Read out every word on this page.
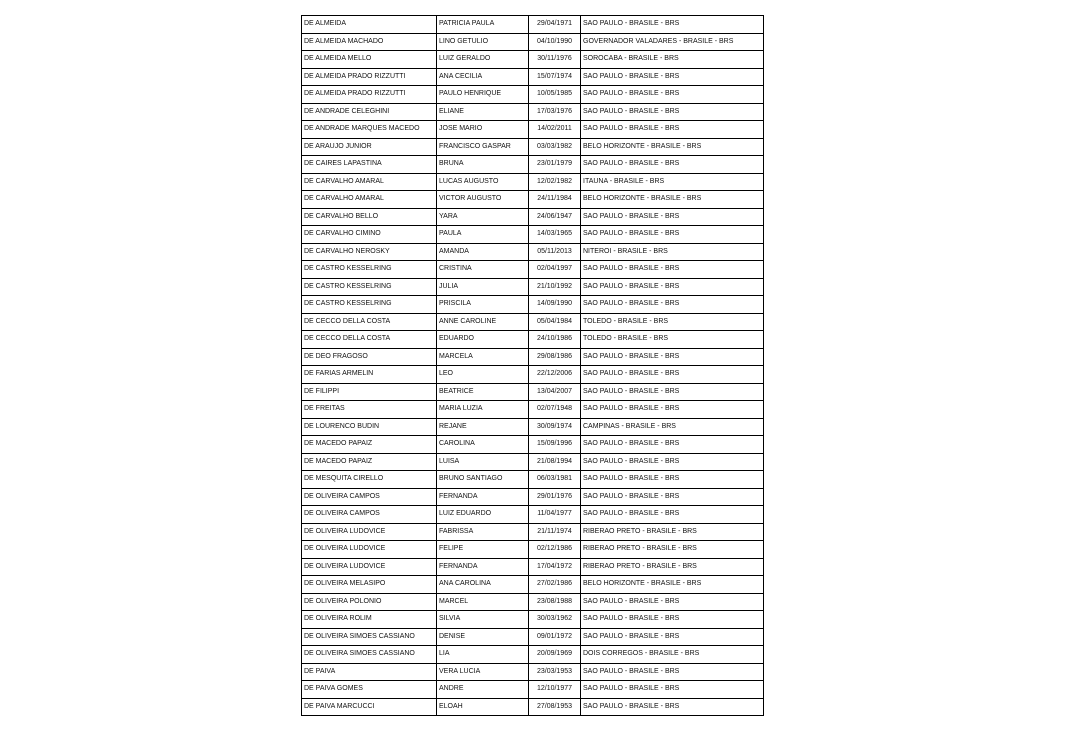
DE ALMEIDA	PATRICIA PAULA	29/04/1971	SAO PAULO - BRASILE - BRS
DE ALMEIDA MACHADO	LINO GETULIO	04/10/1990	GOVERNADOR VALADARES - BRASILE - BRS
DE ALMEIDA MELLO	LUIZ GERALDO	30/11/1976	SOROCABA - BRASILE - BRS
DE ALMEIDA PRADO RIZZUTTI	ANA CECILIA	15/07/1974	SAO PAULO - BRASILE - BRS
DE ALMEIDA PRADO RIZZUTTI	PAULO HENRIQUE	10/05/1985	SAO PAULO - BRASILE - BRS
DE ANDRADE CELEGHINI	ELIANE	17/03/1976	SAO PAULO - BRASILE - BRS
DE ANDRADE MARQUES MACEDO	JOSE MARIO	14/02/2011	SAO PAULO - BRASILE - BRS
DE ARAUJO JUNIOR	FRANCISCO GASPAR	03/03/1982	BELO HORIZONTE - BRASILE - BRS
DE CAIRES LAPASTINA	BRUNA	23/01/1979	SAO PAULO - BRASILE - BRS
DE CARVALHO AMARAL	LUCAS AUGUSTO	12/02/1982	ITAUNA - BRASILE - BRS
DE CARVALHO AMARAL	VICTOR AUGUSTO	24/11/1984	BELO HORIZONTE - BRASILE - BRS
DE CARVALHO BELLO	YARA	24/06/1947	SAO PAULO - BRASILE - BRS
DE CARVALHO CIMINO	PAULA	14/03/1965	SAO PAULO - BRASILE - BRS
DE CARVALHO NEROSKY	AMANDA	05/11/2013	NITEROI - BRASILE - BRS
DE CASTRO KESSELRING	CRISTINA	02/04/1997	SAO PAULO - BRASILE - BRS
DE CASTRO KESSELRING	JULIA	21/10/1992	SAO PAULO - BRASILE - BRS
DE CASTRO KESSELRING	PRISCILA	14/09/1990	SAO PAULO - BRASILE - BRS
DE CECCO DELLA COSTA	ANNE CAROLINE	05/04/1984	TOLEDO - BRASILE - BRS
DE CECCO DELLA COSTA	EDUARDO	24/10/1986	TOLEDO - BRASILE - BRS
DE DEO FRAGOSO	MARCELA	29/08/1986	SAO PAULO - BRASILE - BRS
DE FARIAS ARMELIN	LEO	22/12/2006	SAO PAULO - BRASILE - BRS
DE FILIPPI	BEATRICE	13/04/2007	SAO PAULO - BRASILE - BRS
DE FREITAS	MARIA LUZIA	02/07/1948	SAO PAULO - BRASILE - BRS
DE LOURENCO BUDIN	REJANE	30/09/1974	CAMPINAS - BRASILE - BRS
DE MACEDO PAPAIZ	CAROLINA	15/09/1996	SAO PAULO - BRASILE - BRS
DE MACEDO PAPAIZ	LUISA	21/08/1994	SAO PAULO - BRASILE - BRS
DE MESQUITA CIRELLO	BRUNO SANTIAGO	06/03/1981	SAO PAULO - BRASILE - BRS
DE OLIVEIRA CAMPOS	FERNANDA	29/01/1976	SAO PAULO - BRASILE - BRS
DE OLIVEIRA CAMPOS	LUIZ EDUARDO	11/04/1977	SAO PAULO - BRASILE - BRS
DE OLIVEIRA LUDOVICE	FABRISSA	21/11/1974	RIBERAO PRETO - BRASILE - BRS
DE OLIVEIRA LUDOVICE	FELIPE	02/12/1986	RIBERAO PRETO - BRASILE - BRS
DE OLIVEIRA LUDOVICE	FERNANDA	17/04/1972	RIBERAO PRETO - BRASILE - BRS
DE OLIVEIRA MELASIPO	ANA CAROLINA	27/02/1986	BELO HORIZONTE - BRASILE - BRS
DE OLIVEIRA POLONIO	MARCEL	23/08/1988	SAO PAULO - BRASILE - BRS
DE OLIVEIRA ROLIM	SILVIA	30/03/1962	SAO PAULO - BRASILE - BRS
DE OLIVEIRA SIMOES CASSIANO	DENISE	09/01/1972	SAO PAULO - BRASILE - BRS
DE OLIVEIRA SIMOES CASSIANO	LIA	20/09/1969	DOIS CORREGOS - BRASILE - BRS
DE PAIVA	VERA LUCIA	23/03/1953	SAO PAULO - BRASILE - BRS
DE PAIVA GOMES	ANDRE	12/10/1977	SAO PAULO - BRASILE - BRS
DE PAIVA MARCUCCI	ELOAH	27/08/1953	SAO PAULO - BRASILE - BRS
